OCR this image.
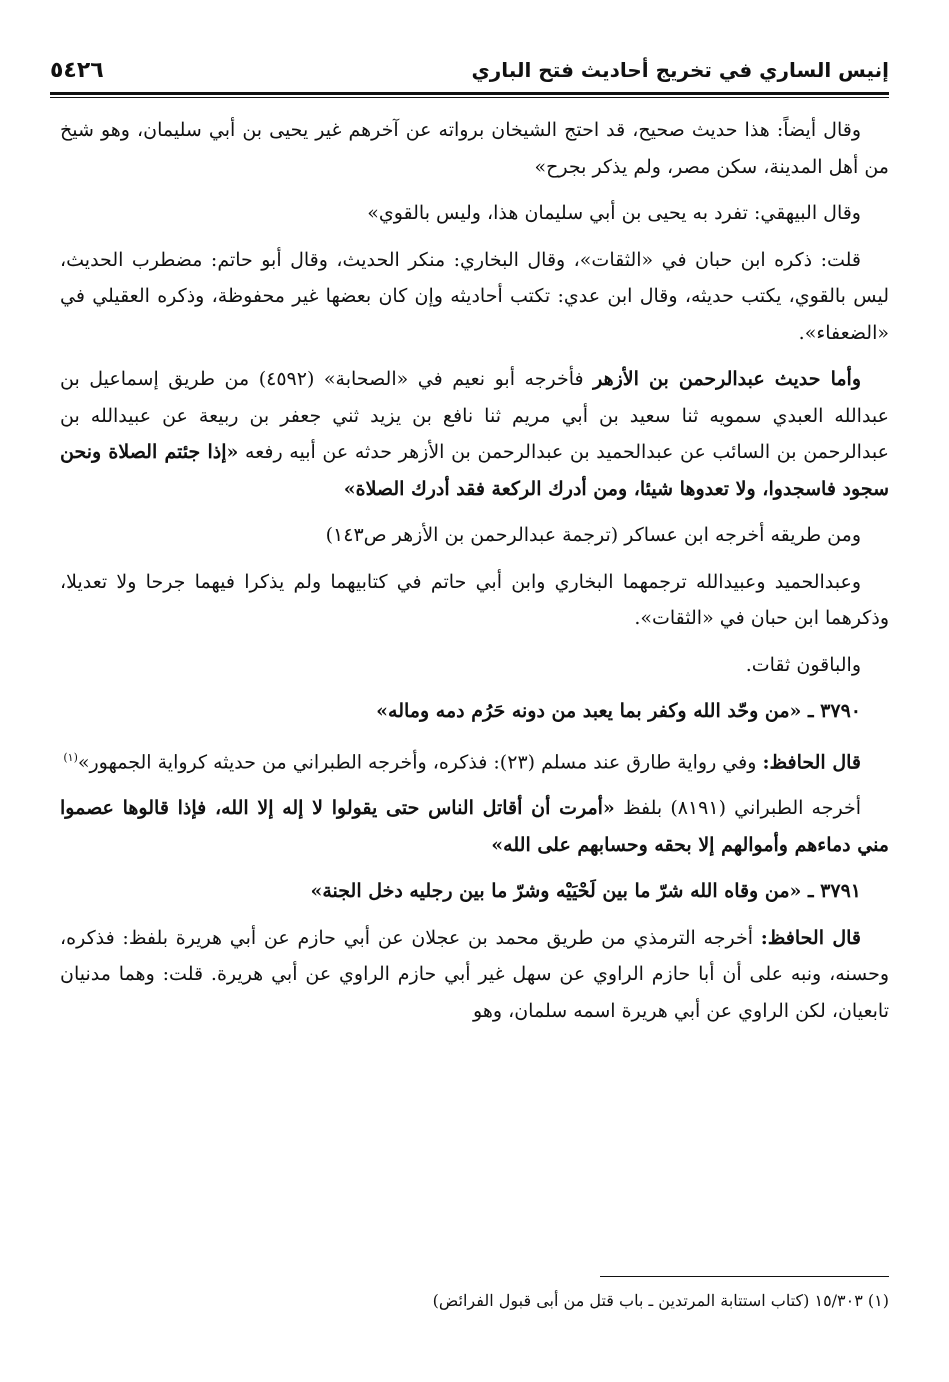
إنيس الساري في تخريج أحاديث فتح الباري
٥٤٢٦

وقال أيضاً: هذا حديث صحيح، قد احتج الشيخان برواته عن آخرهم غير يحيى بن أبي سليمان، وهو شيخ من أهل المدينة، سكن مصر، ولم يذكر بجرح»

وقال البيهقي: تفرد به يحيى بن أبي سليمان هذا، وليس بالقوي»

قلت: ذكره ابن حبان في «الثقات»، وقال البخاري: منكر الحديث، وقال أبو حاتم: مضطرب الحديث، ليس بالقوي، يكتب حديثه، وقال ابن عدي: تكتب أحاديثه وإن كان بعضها غير محفوظة، وذكره العقيلي في «الضعفاء».

وأما حديث عبدالرحمن بن الأزهر فأخرجه أبو نعيم في «الصحابة» (٤٥٩٢) من طريق إسماعيل بن عبدالله العبدي سمويه ثنا سعيد بن أبي مريم ثنا نافع بن يزيد ثني جعفر بن ربيعة عن عبيدالله بن عبدالرحمن بن السائب عن عبدالحميد بن عبدالرحمن بن الأزهر حدثه عن أبيه رفعه «إذا جئتم الصلاة ونحن سجود فاسجدوا، ولا تعدوها شيئا، ومن أدرك الركعة فقد أدرك الصلاة»

ومن طريقه أخرجه ابن عساكر (ترجمة عبدالرحمن بن الأزهر ص١٤٣)

وعبدالحميد وعبيدالله ترجمهما البخاري وابن أبي حاتم في كتابيهما ولم يذكرا فيهما جرحا ولا تعديلا، وذكرهما ابن حبان في «الثقات».

والباقون ثقات.

٣٧٩٠ ـ «من وحّد الله وكفر بما يعبد من دونه حَرُم دمه وماله»

قال الحافظ: وفي رواية طارق عند مسلم (٢٣): فذكره، وأخرجه الطبراني من حديثه كرواية الجمهور»$^{(١)}$

أخرجه الطبراني (٨١٩١) بلفظ «أمرت أن أقاتل الناس حتى يقولوا لا إله إلا الله، فإذا قالوها عصموا مني دماءهم وأموالهم إلا بحقه وحسابهم على الله»

٣٧٩١ ـ «من وقاه الله شرّ ما بين لَحْيَيْه وشرّ ما بين رجليه دخل الجنة»

قال الحافظ: أخرجه الترمذي من طريق محمد بن عجلان عن أبي حازم عن أبي هريرة بلفظ: فذكره، وحسنه، ونبه على أن أبا حازم الراوي عن سهل غير أبي حازم الراوي عن أبي هريرة. قلت: وهما مدنيان تابعيان، لكن الراوي عن أبي هريرة اسمه سلمان، وهو

(١) ١٥/٣٠٣ (كتاب استتابة المرتدين ـ باب قتل من أبى قبول الفرائض)
